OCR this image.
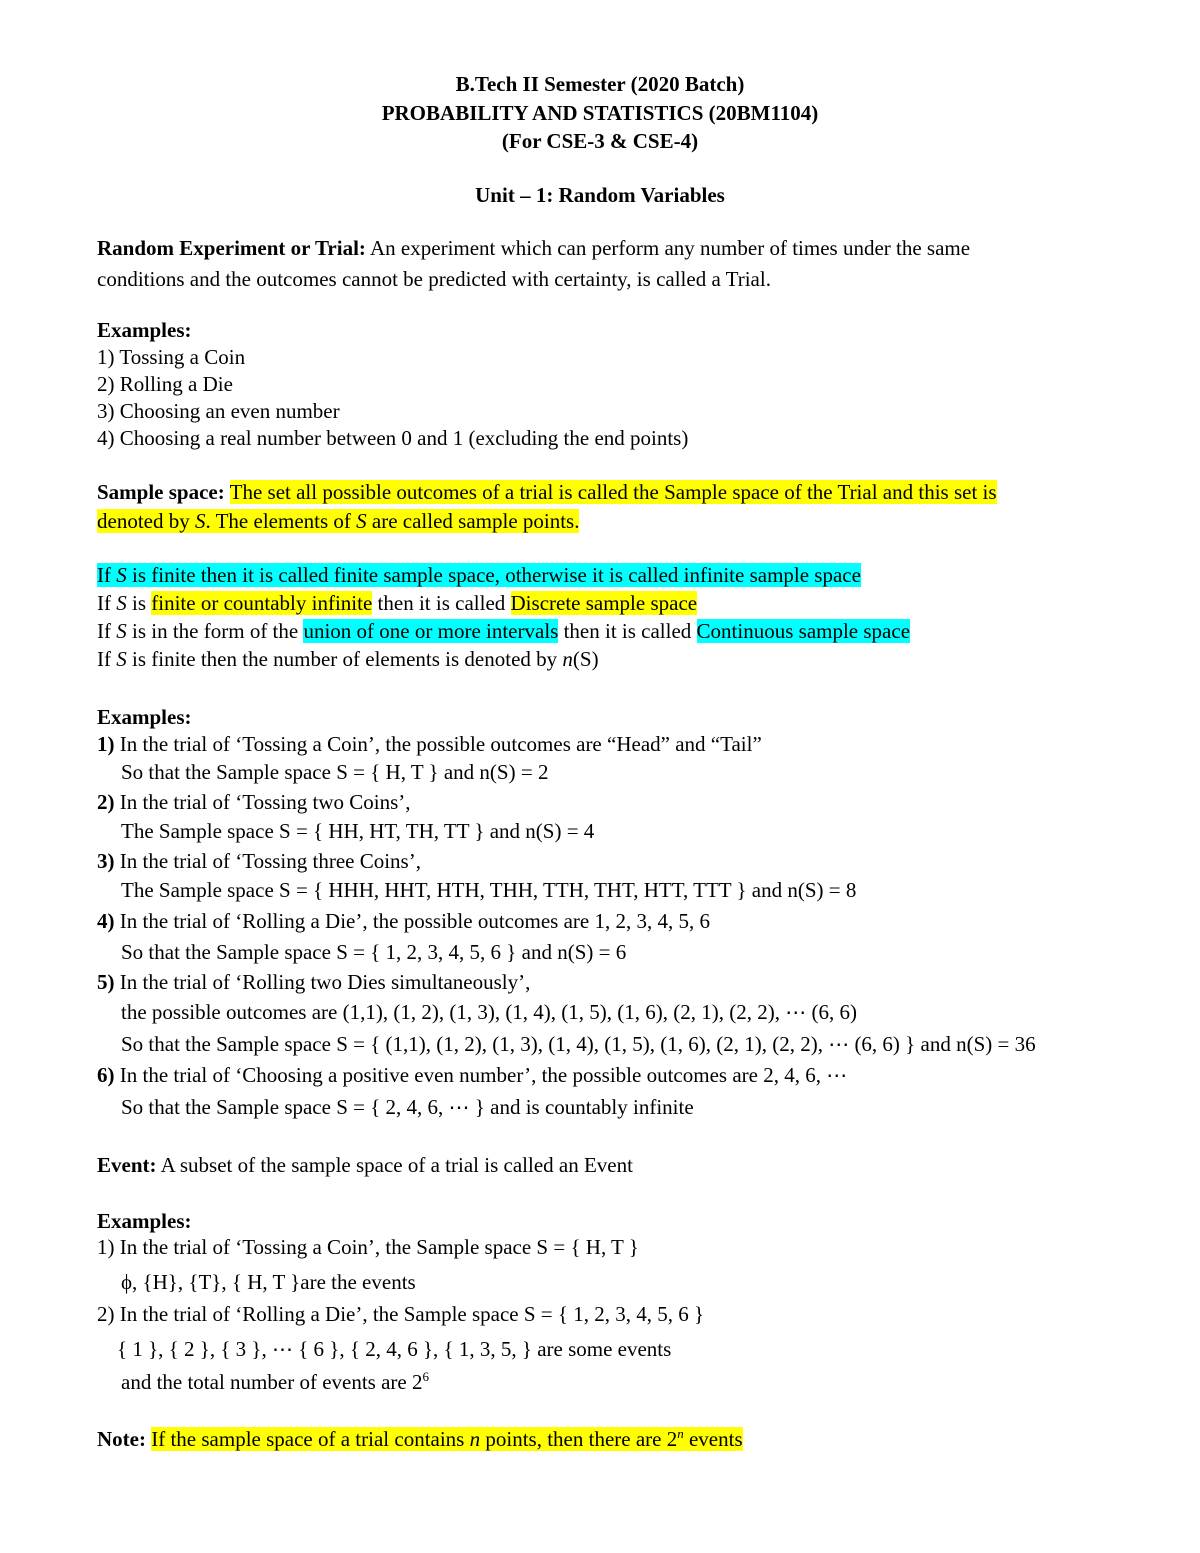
B.Tech II Semester (2020 Batch)
PROBABILITY AND STATISTICS (20BM1104)
(For CSE-3 & CSE-4)
Unit – 1: Random Variables
Random Experiment or Trial: An experiment which can perform any number of times under the same
conditions and the outcomes cannot be predicted with certainty, is called a Trial.
Examples:
1) Tossing a Coin
2) Rolling a Die
3) Choosing an even number
4) Choosing a real number between 0 and 1 (excluding the end points)
Sample space: The set all possible outcomes of a trial is called the Sample space of the Trial and this set is
denoted by S. The elements of S are called sample points.
If S is finite then it is called finite sample space, otherwise it is called infinite sample space
If S is finite or countably infinite then it is called Discrete sample space
If S is in the form of the union of one or more intervals then it is called Continuous sample space
If S is finite then the number of elements is denoted by n(S)
Examples:
1) In the trial of ‘Tossing a Coin’, the possible outcomes are “Head” and “Tail”
So that the Sample space S = { H, T } and n(S) = 2
2) In the trial of ‘Tossing two Coins’,
The Sample space S = { HH, HT, TH, TT } and n(S) = 4
3) In the trial of ‘Tossing three Coins’,
The Sample space S = { HHH, HHT, HTH, THH, TTH, THT, HTT, TTT } and n(S) = 8
4) In the trial of ‘Rolling a Die’, the possible outcomes are 1, 2, 3, 4, 5, 6
So that the Sample space S = { 1, 2, 3, 4, 5, 6 } and n(S) = 6
5) In the trial of ‘Rolling two Dies simultaneously’,
the possible outcomes are (1,1), (1, 2), (1, 3), (1, 4), (1, 5), (1, 6), (2, 1), (2, 2), ⋯ (6, 6)
So that the Sample space S = { (1,1), (1, 2), (1, 3), (1, 4), (1, 5), (1, 6), (2, 1), (2, 2), ⋯ (6, 6) } and n(S) = 36
6) In the trial of ‘Choosing a positive even number’, the possible outcomes are 2, 4, 6, ⋯
So that the Sample space S = { 2, 4, 6, ⋯ } and is countably infinite
Event: A subset of the sample space of a trial is called an Event
Examples:
1) In the trial of ‘Tossing a Coin’, the Sample space S = { H, T }
ϕ, {H}, {T}, { H, T }are the events
2) In the trial of ‘Rolling a Die’, the Sample space S = { 1, 2, 3, 4, 5, 6 }
{ 1 }, { 2 }, { 3 }, ⋯ { 6 }, { 2, 4, 6 }, { 1, 3, 5, } are some events
and the total number of events are $2^6$
Note: If the sample space of a trial contains n points, then there are 2$^n$ events
